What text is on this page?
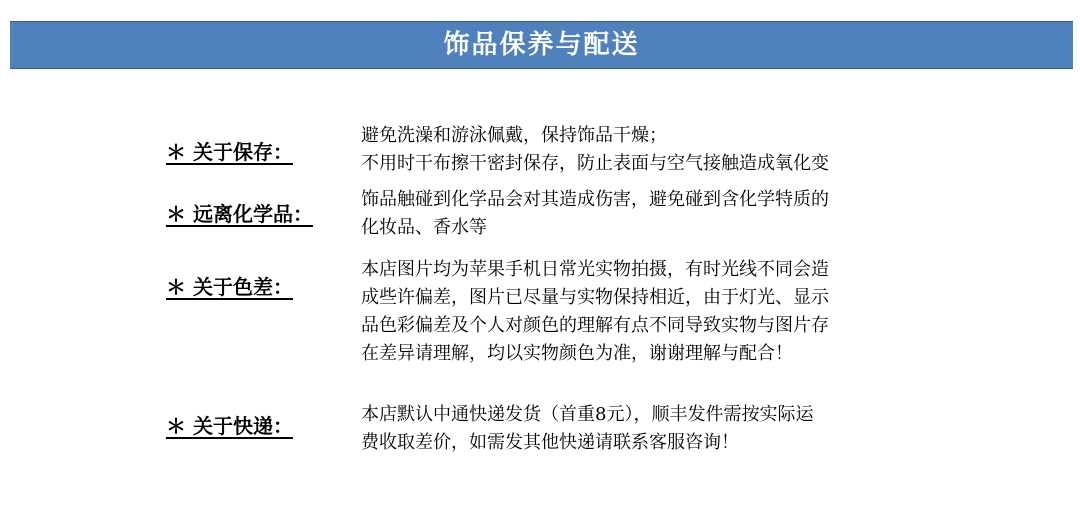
饰品保养与配送
＊ 关于保存：
避免洗澡和游泳佩戴，保持饰品干燥；
不用时干布擦干密封保存，防止表面与空气接触造成氧化变
＊ 远离化学品：
饰品触碰到化学品会对其造成伤害，避免碰到含化学特质的
化妆品、香水等
＊ 关于色差：
本店图片均为苹果手机日常光实物拍摄，有时光线不同会造
成些许偏差，图片已尽量与实物保持相近，由于灯光、显示
品色彩偏差及个人对颜色的理解有点不同导致实物与图片存
在差异请理解，均以实物颜色为准，谢谢理解与配合！
＊ 关于快递：	本店默认中通快递发货（首重8元），顺丰发件需按实际运
费收取差价，如需发其他快递请联系客服咨询！
